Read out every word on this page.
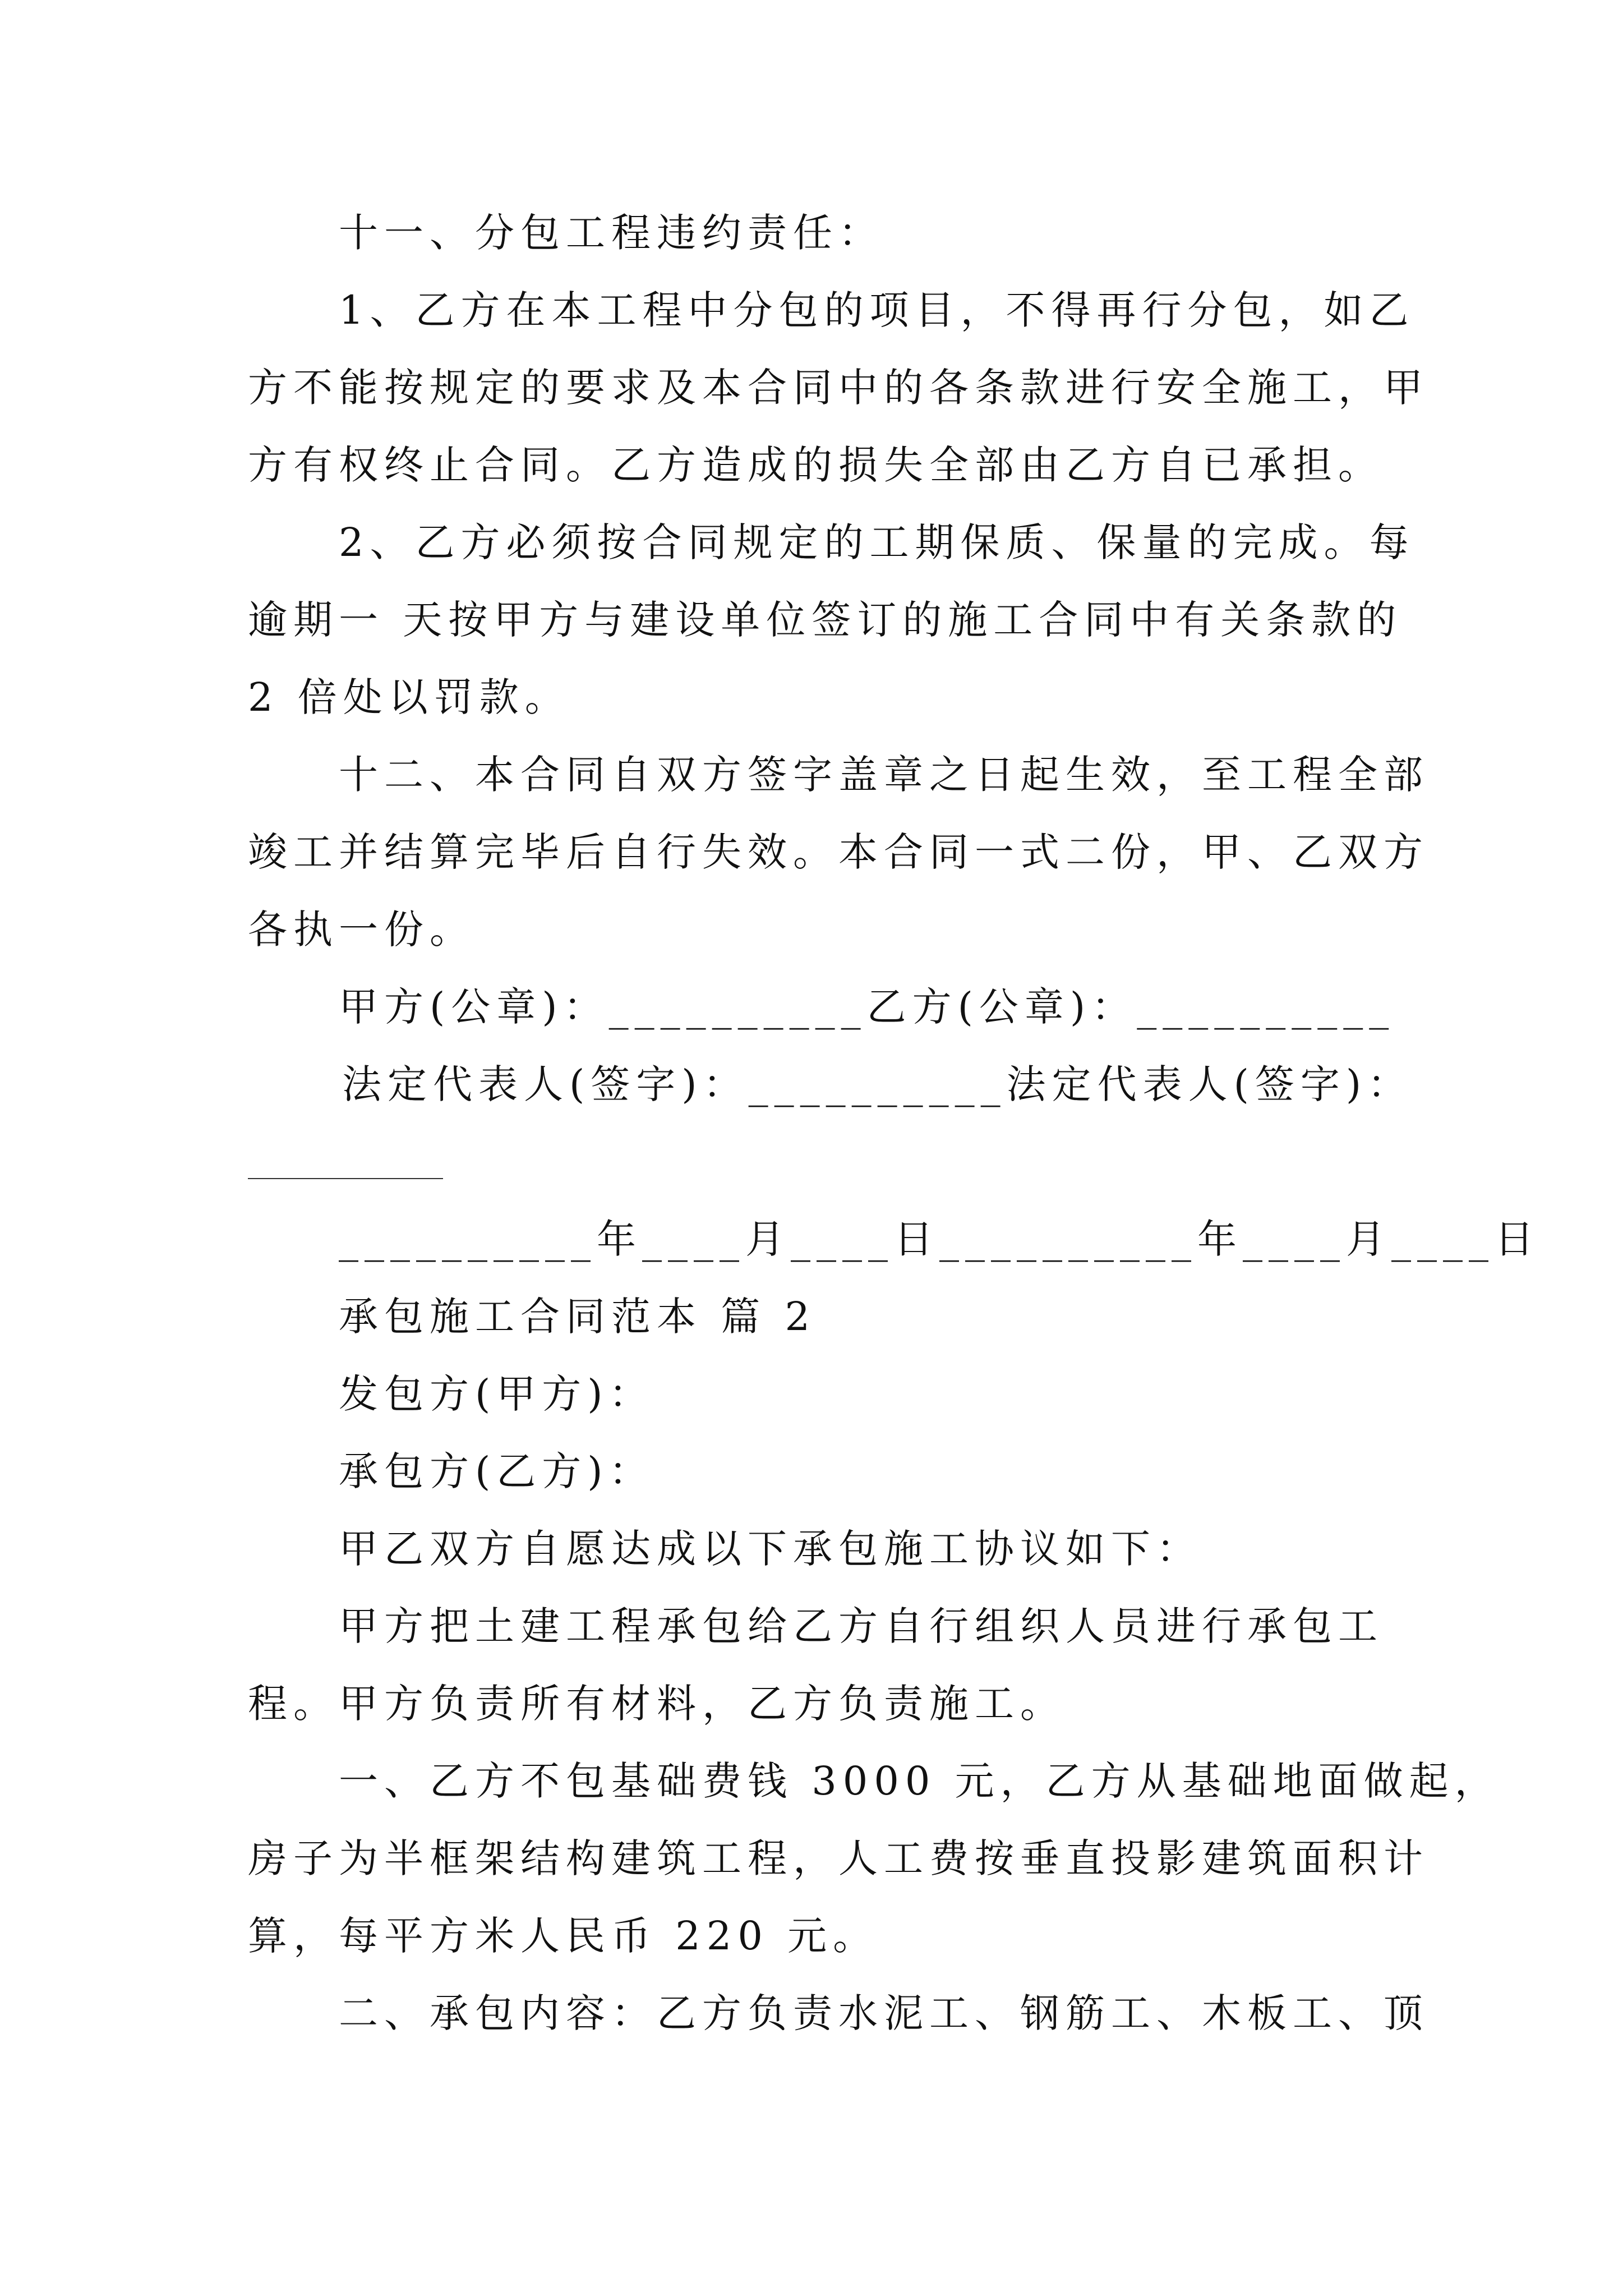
十一、分包工程违约责任：
1、乙方在本工程中分包的项目，不得再行分包，如乙
方不能按规定的要求及本合同中的各条款进行安全施工，甲
方有权终止合同。乙方造成的损失全部由乙方自已承担。
2、乙方必须按合同规定的工期保质、保量的完成。每
逾期一 天按甲方与建设单位签订的施工合同中有关条款的
2 倍处以罚款。
十二、本合同自双方签字盖章之日起生效，至工程全部
竣工并结算完毕后自行失效。本合同一式二份，甲、乙双方
各执一份。
甲方(公章)：__________乙方(公章)：__________
法定代表人(签字)：__________法定代表人(签字)：
__________年____月____日__________年____月____日
承包施工合同范本 篇 2
发包方(甲方)：
承包方(乙方)：
甲乙双方自愿达成以下承包施工协议如下：
甲方把土建工程承包给乙方自行组织人员进行承包工
程。甲方负责所有材料，乙方负责施工。
一、乙方不包基础费钱 3000 元，乙方从基础地面做起，
房子为半框架结构建筑工程，人工费按垂直投影建筑面积计
算，每平方米人民币 220 元。
二、承包内容：乙方负责水泥工、钢筋工、木板工、顶
